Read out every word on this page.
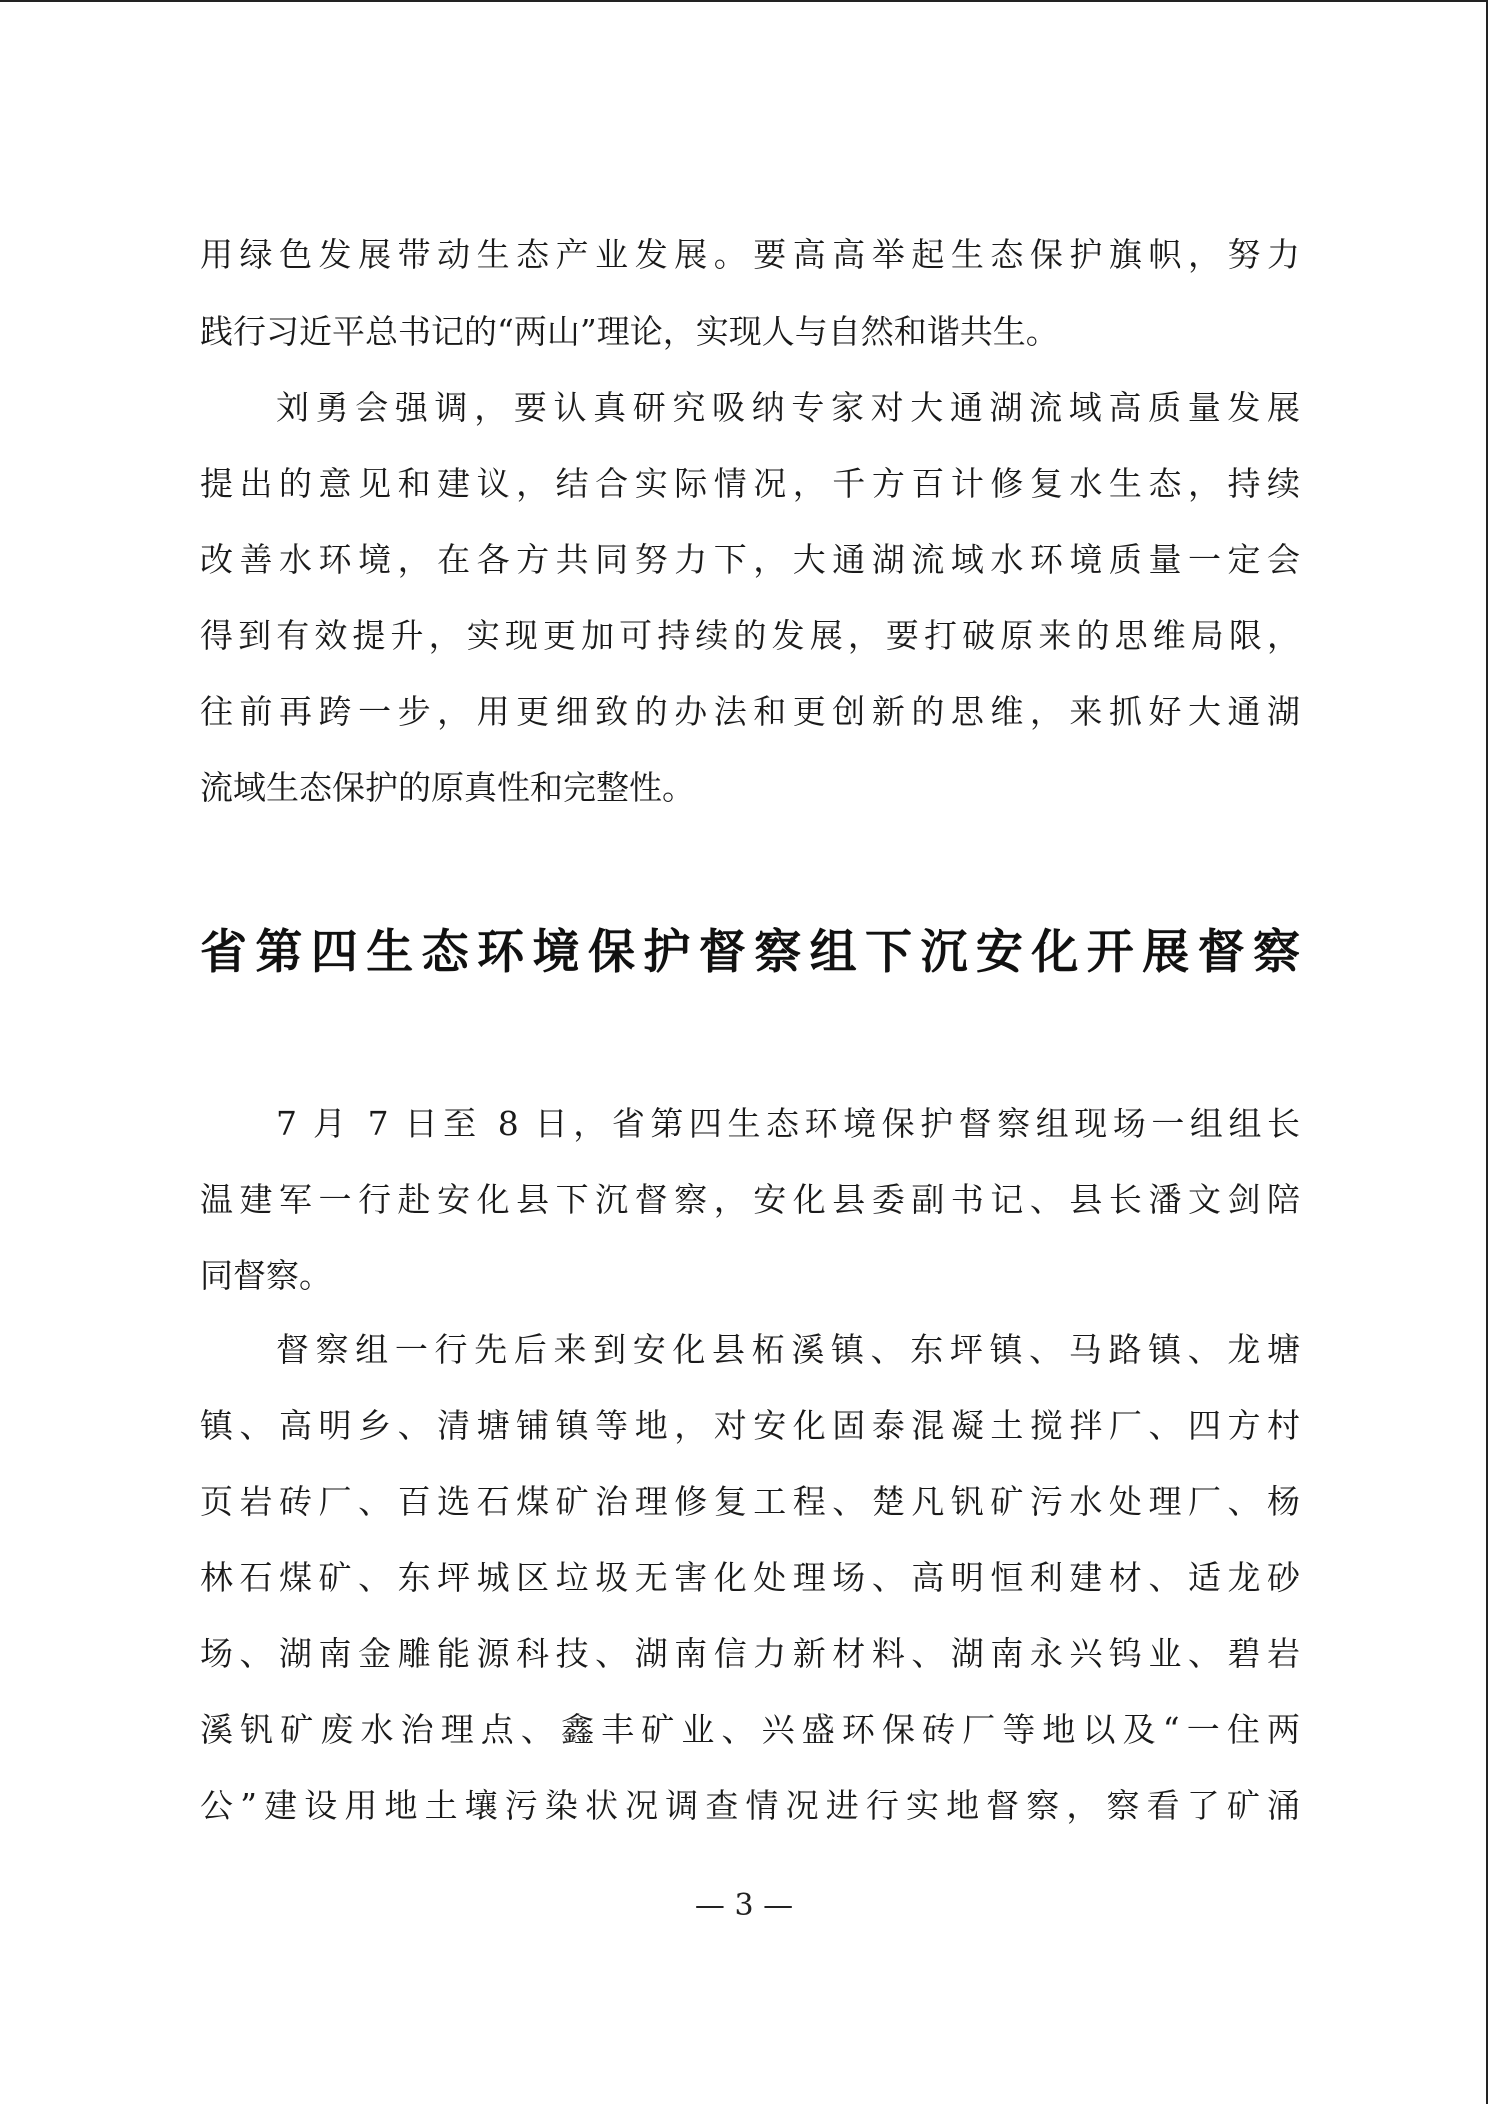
用绿色发展带动生态产业发展。要高高举起生态保护旗帜，努力
践行习近平总书记的“两山”理论，实现人与自然和谐共生。
刘勇会强调，要认真研究吸纳专家对大通湖流域高质量发展
提出的意见和建议，结合实际情况，千方百计修复水生态，持续
改善水环境，在各方共同努力下，大通湖流域水环境质量一定会
得到有效提升，实现更加可持续的发展，要打破原来的思维局限，
往前再跨一步，用更细致的办法和更创新的思维，来抓好大通湖
流域生态保护的原真性和完整性。
省第四生态环境保护督察组下沉安化开展督察
7 月 7 日至 8 日，省第四生态环境保护督察组现场一组组长
温建军一行赴安化县下沉督察，安化县委副书记、县长潘文剑陪
同督察。
督察组一行先后来到安化县柘溪镇、东坪镇、马路镇、龙塘
镇、高明乡、清塘铺镇等地，对安化固泰混凝土搅拌厂、四方村
页岩砖厂、百选石煤矿治理修复工程、楚凡钒矿污水处理厂、杨
林石煤矿、东坪城区垃圾无害化处理场、高明恒利建材、适龙砂
场、湖南金雕能源科技、湖南信力新材料、湖南永兴钨业、碧岩
溪钒矿废水治理点、鑫丰矿业、兴盛环保砖厂等地以及“一住两
公”建设用地土壤污染状况调查情况进行实地督察，察看了矿涌
— 3 —
